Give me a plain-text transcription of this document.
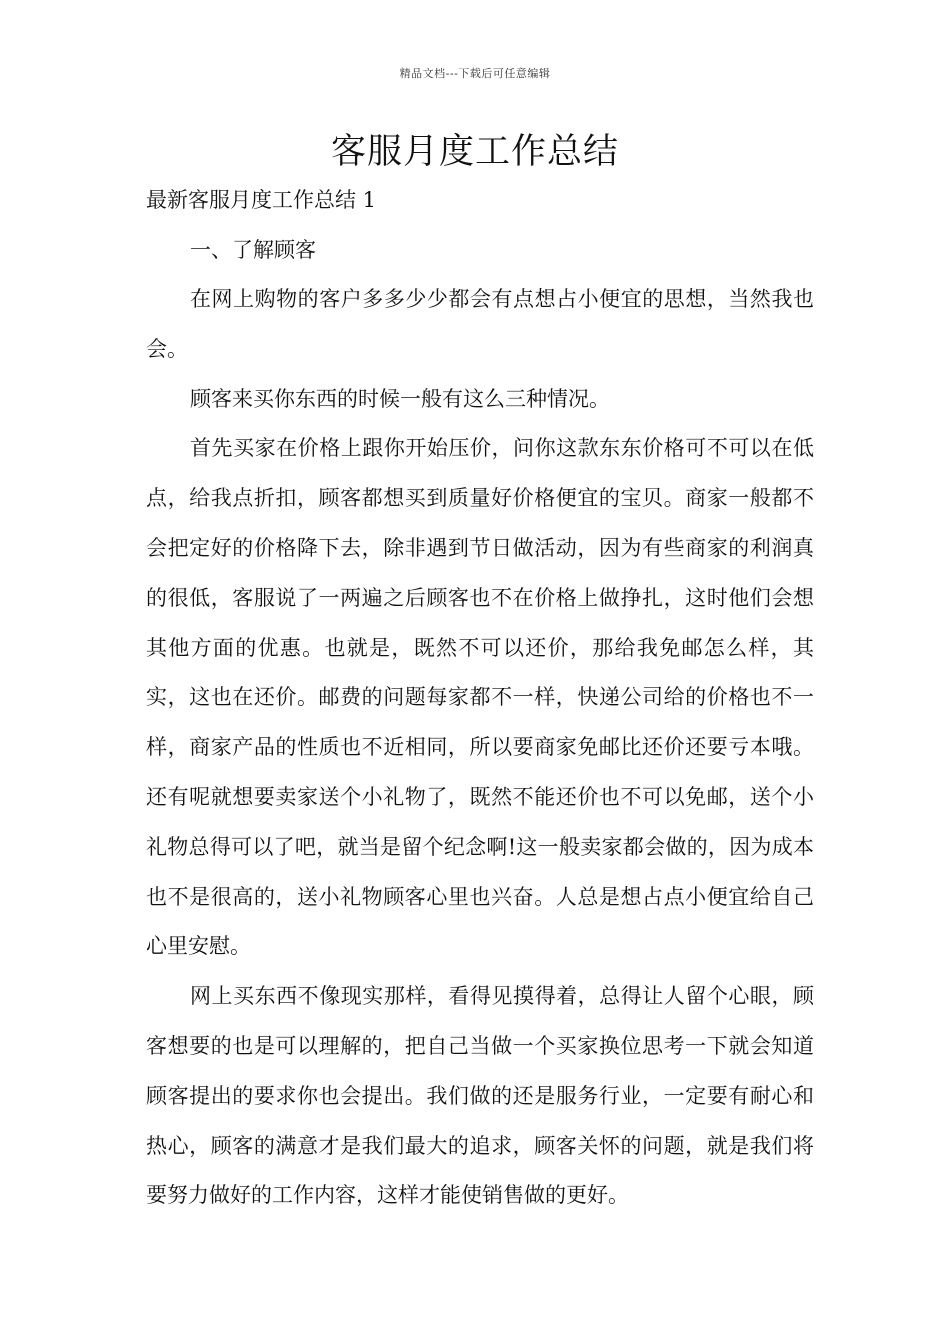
精品文档---下载后可任意编辑
客服月度工作总结

最新客服月度工作总结 1

一、了解顾客

在网上购物的客户多多少少都会有点想占小便宜的思想，当然我也会。

顾客来买你东西的时候一般有这么三种情况。

首先买家在价格上跟你开始压价，问你这款东东价格可不可以在低点，给我点折扣，顾客都想买到质量好价格便宜的宝贝。商家一般都不会把定好的价格降下去，除非遇到节日做活动，因为有些商家的利润真的很低，客服说了一两遍之后顾客也不在价格上做挣扎，这时他们会想其他方面的优惠。也就是，既然不可以还价，那给我免邮怎么样，其实，这也在还价。邮费的问题每家都不一样，快递公司给的价格也不一样，商家产品的性质也不近相同，所以要商家免邮比还价还要亏本哦。还有呢就想要卖家送个小礼物了，既然不能还价也不可以免邮，送个小礼物总得可以了吧，就当是留个纪念啊!这一般卖家都会做的，因为成本也不是很高的，送小礼物顾客心里也兴奋。人总是想占点小便宜给自己心里安慰。

网上买东西不像现实那样，看得见摸得着，总得让人留个心眼，顾客想要的也是可以理解的，把自己当做一个买家换位思考一下就会知道顾客提出的要求你也会提出。我们做的还是服务行业，一定要有耐心和热心，顾客的满意才是我们最大的追求，顾客关怀的问题，就是我们将要努力做好的工作内容，这样才能使销售做的更好。
